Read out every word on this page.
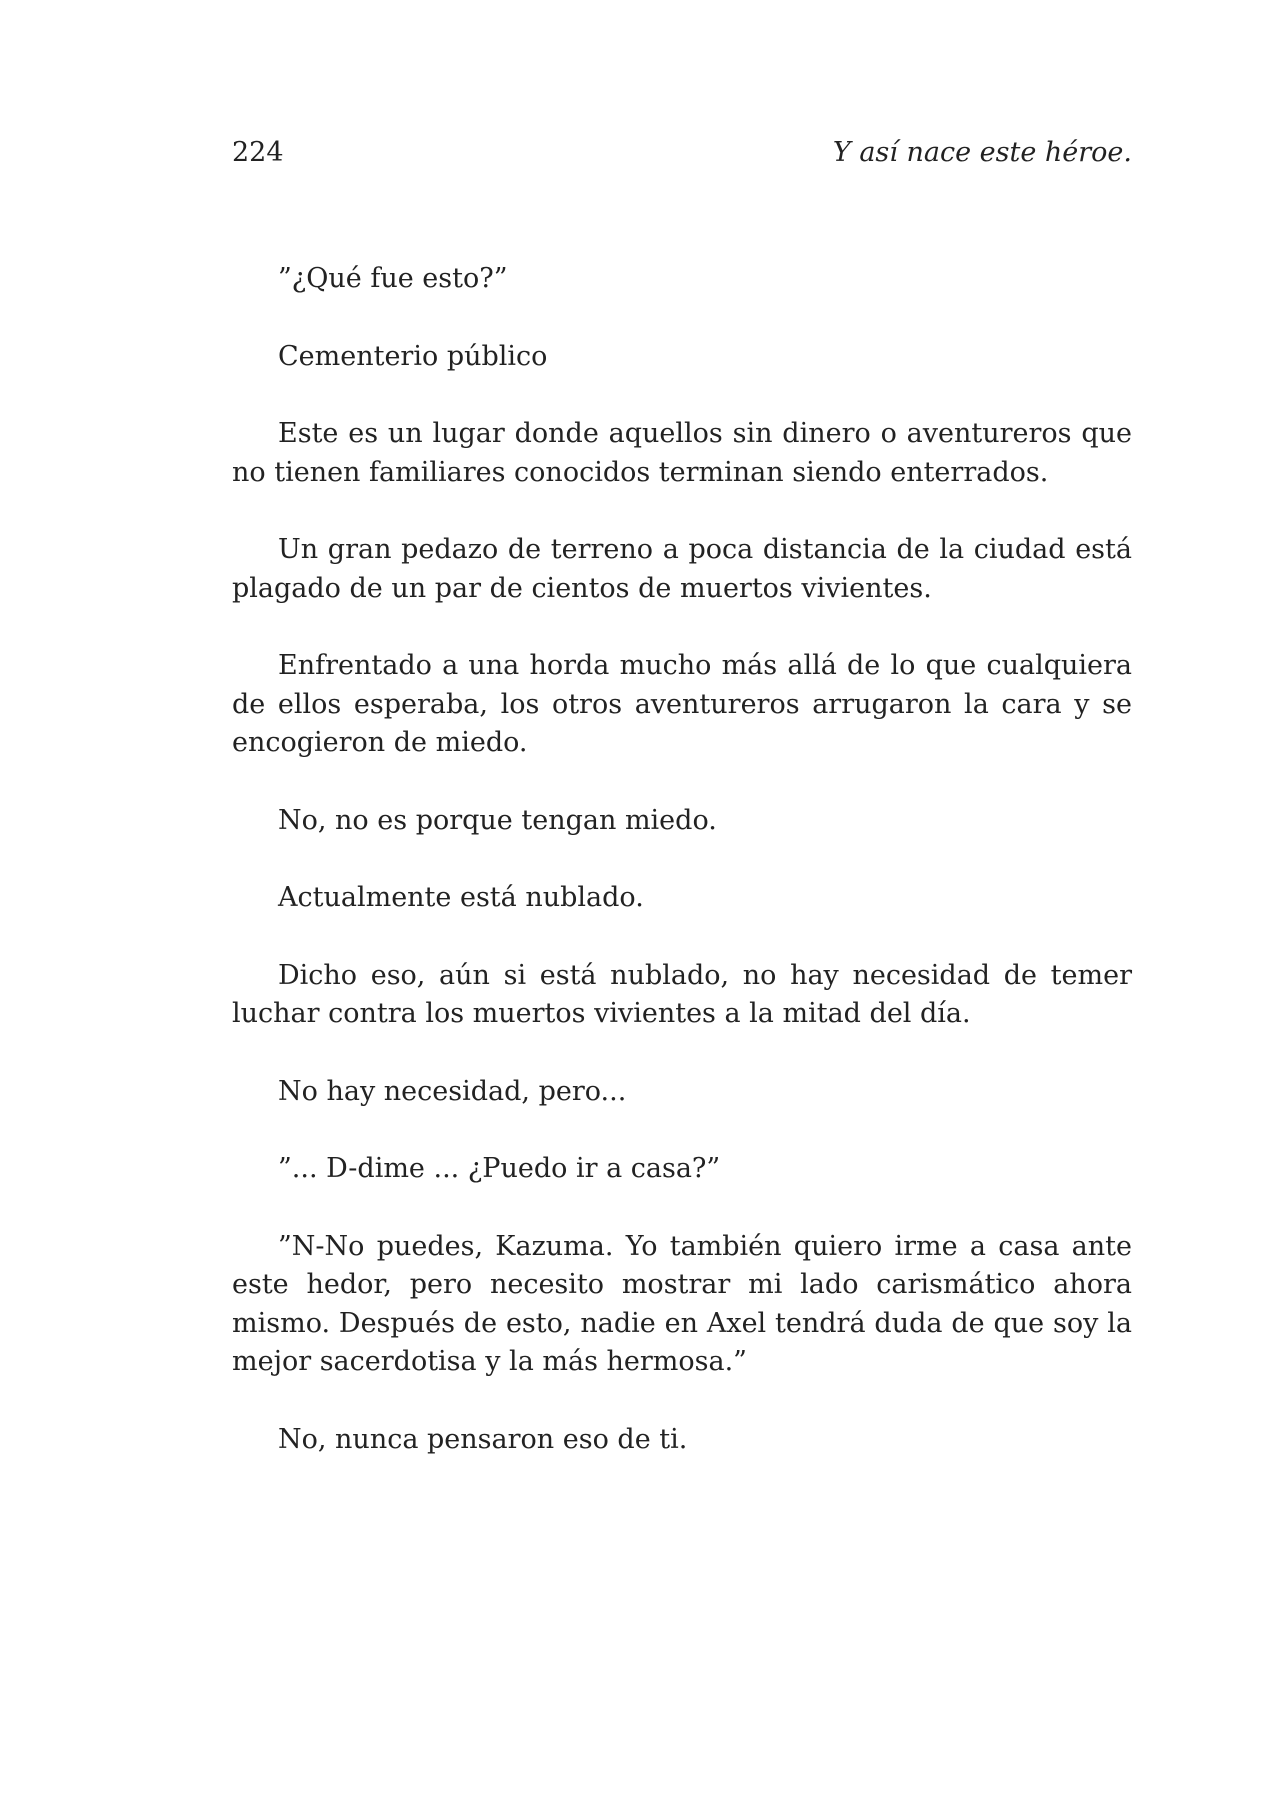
224	Y así nace este héroe.

”¿Qué fue esto?”

Cementerio público

Este es un lugar donde aquellos sin dinero o aventureros que no tienen familiares conocidos terminan siendo enterrados.

Un gran pedazo de terreno a poca distancia de la ciudad está plagado de un par de cientos de muertos vivientes.

Enfrentado a una horda mucho más allá de lo que cualquiera de ellos esperaba, los otros aventureros arrugaron la cara y se encogieron de miedo.

No, no es porque tengan miedo.

Actualmente está nublado.

Dicho eso, aún si está nublado, no hay necesidad de temer luchar contra los muertos vivientes a la mitad del día.

No hay necesidad, pero...

”... D-dime ... ¿Puedo ir a casa?”

”N-No puedes, Kazuma. Yo también quiero irme a casa ante este hedor, pero necesito mostrar mi lado carismático ahora mismo. Después de esto, nadie en Axel tendrá duda de que soy la mejor sacerdotisa y la más hermosa.”

No, nunca pensaron eso de ti.
